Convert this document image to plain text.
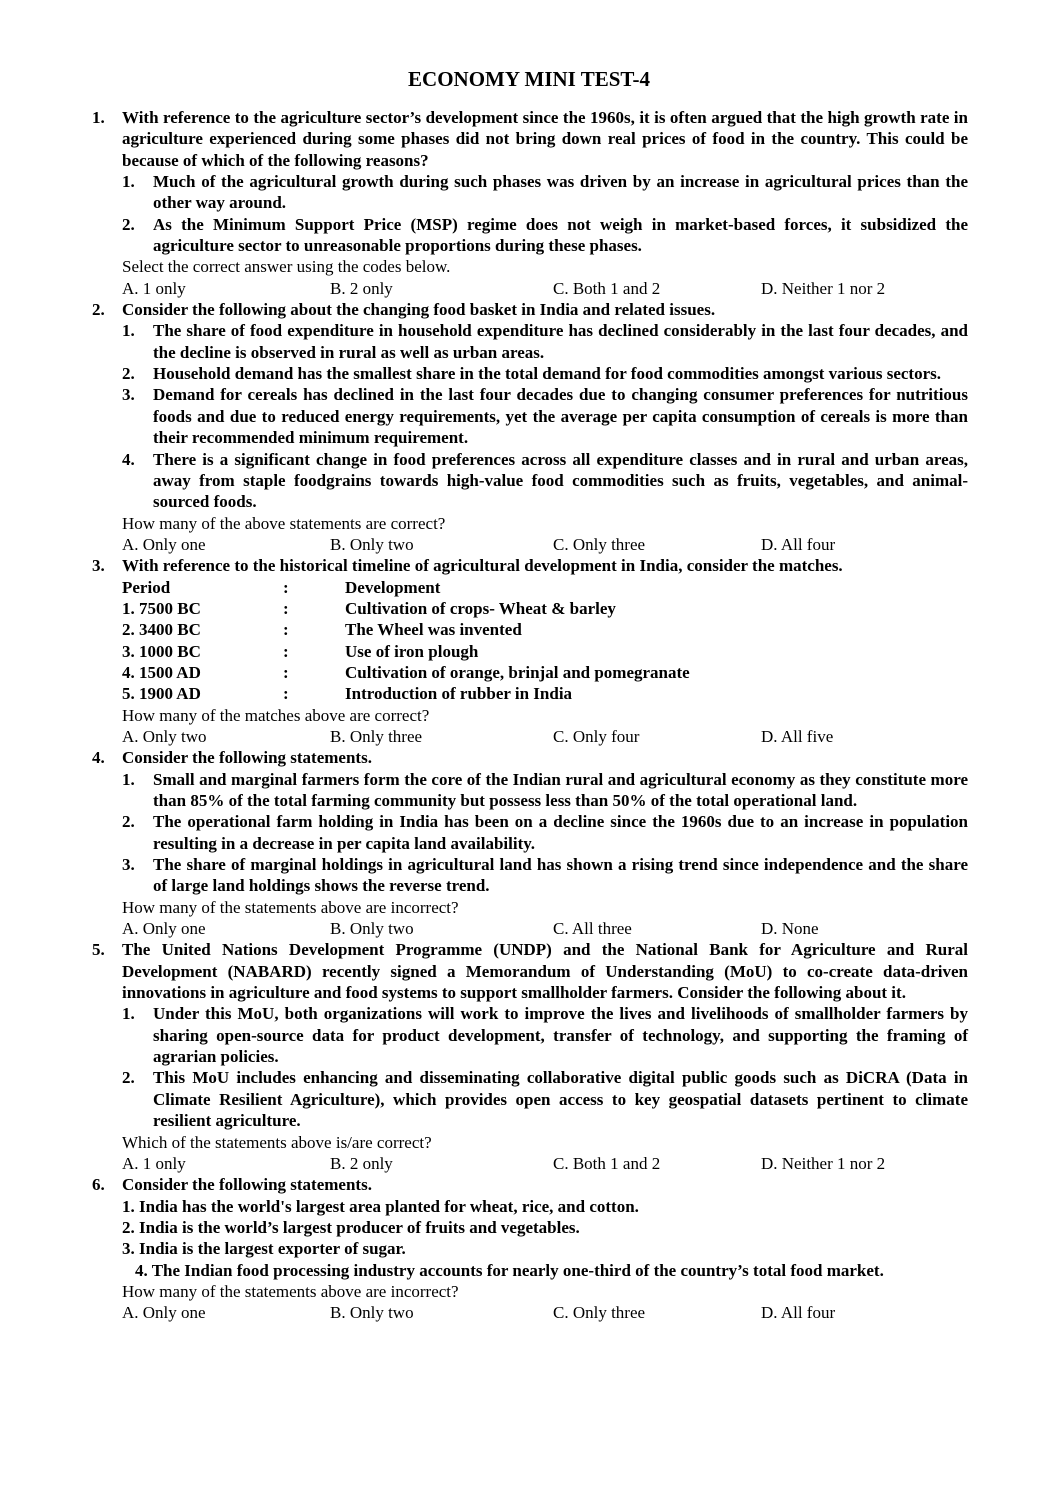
ECONOMY MINI TEST-4
1. With reference to the agriculture sector’s development since the 1960s, it is often argued that the high growth rate in agriculture experienced during some phases did not bring down real prices of food in the country. This could be because of which of the following reasons?
1. Much of the agricultural growth during such phases was driven by an increase in agricultural prices than the other way around.
2. As the Minimum Support Price (MSP) regime does not weigh in market-based forces, it subsidized the agriculture sector to unreasonable proportions during these phases.
Select the correct answer using the codes below.
A. 1 only	B. 2 only	C. Both 1 and 2	D. Neither 1 nor 2
2. Consider the following about the changing food basket in India and related issues.
1. The share of food expenditure in household expenditure has declined considerably in the last four decades, and the decline is observed in rural as well as urban areas.
2. Household demand has the smallest share in the total demand for food commodities amongst various sectors.
3. Demand for cereals has declined in the last four decades due to changing consumer preferences for nutritious foods and due to reduced energy requirements, yet the average per capita consumption of cereals is more than their recommended minimum requirement.
4. There is a significant change in food preferences across all expenditure classes and in rural and urban areas, away from staple foodgrains towards high-value food commodities such as fruits, vegetables, and animal-sourced foods.
How many of the above statements are correct?
A. Only one	B. Only two	C. Only three	D. All four
3. With reference to the historical timeline of agricultural development in India, consider the matches.
Period	:	Development
1. 7500 BC	:	Cultivation of crops- Wheat & barley
2. 3400 BC	:	The Wheel was invented
3. 1000 BC	:	Use of iron plough
4. 1500 AD	:	Cultivation of orange, brinjal and pomegranate
5. 1900 AD	:	Introduction of rubber in India
How many of the matches above are correct?
A. Only two	B. Only three	C. Only four	D. All five
4. Consider the following statements.
1. Small and marginal farmers form the core of the Indian rural and agricultural economy as they constitute more than 85% of the total farming community but possess less than 50% of the total operational land.
2. The operational farm holding in India has been on a decline since the 1960s due to an increase in population resulting in a decrease in per capita land availability.
3. The share of marginal holdings in agricultural land has shown a rising trend since independence and the share of large land holdings shows the reverse trend.
How many of the statements above are incorrect?
A. Only one	B. Only two	C. All three	D. None
5. The United Nations Development Programme (UNDP) and the National Bank for Agriculture and Rural Development (NABARD) recently signed a Memorandum of Understanding (MoU) to co-create data-driven innovations in agriculture and food systems to support smallholder farmers. Consider the following about it.
1. Under this MoU, both organizations will work to improve the lives and livelihoods of smallholder farmers by sharing open-source data for product development, transfer of technology, and supporting the framing of agrarian policies.
2. This MoU includes enhancing and disseminating collaborative digital public goods such as DiCRA (Data in Climate Resilient Agriculture), which provides open access to key geospatial datasets pertinent to climate resilient agriculture.
Which of the statements above is/are correct?
A. 1 only	B. 2 only	C. Both 1 and 2	D. Neither 1 nor 2
6. Consider the following statements.
1. India has the world's largest area planted for wheat, rice, and cotton.
2. India is the world’s largest producer of fruits and vegetables.
3. India is the largest exporter of sugar.
4. The Indian food processing industry accounts for nearly one-third of the country’s total food market.
How many of the statements above are incorrect?
A. Only one	B. Only two	C. Only three	D. All four
